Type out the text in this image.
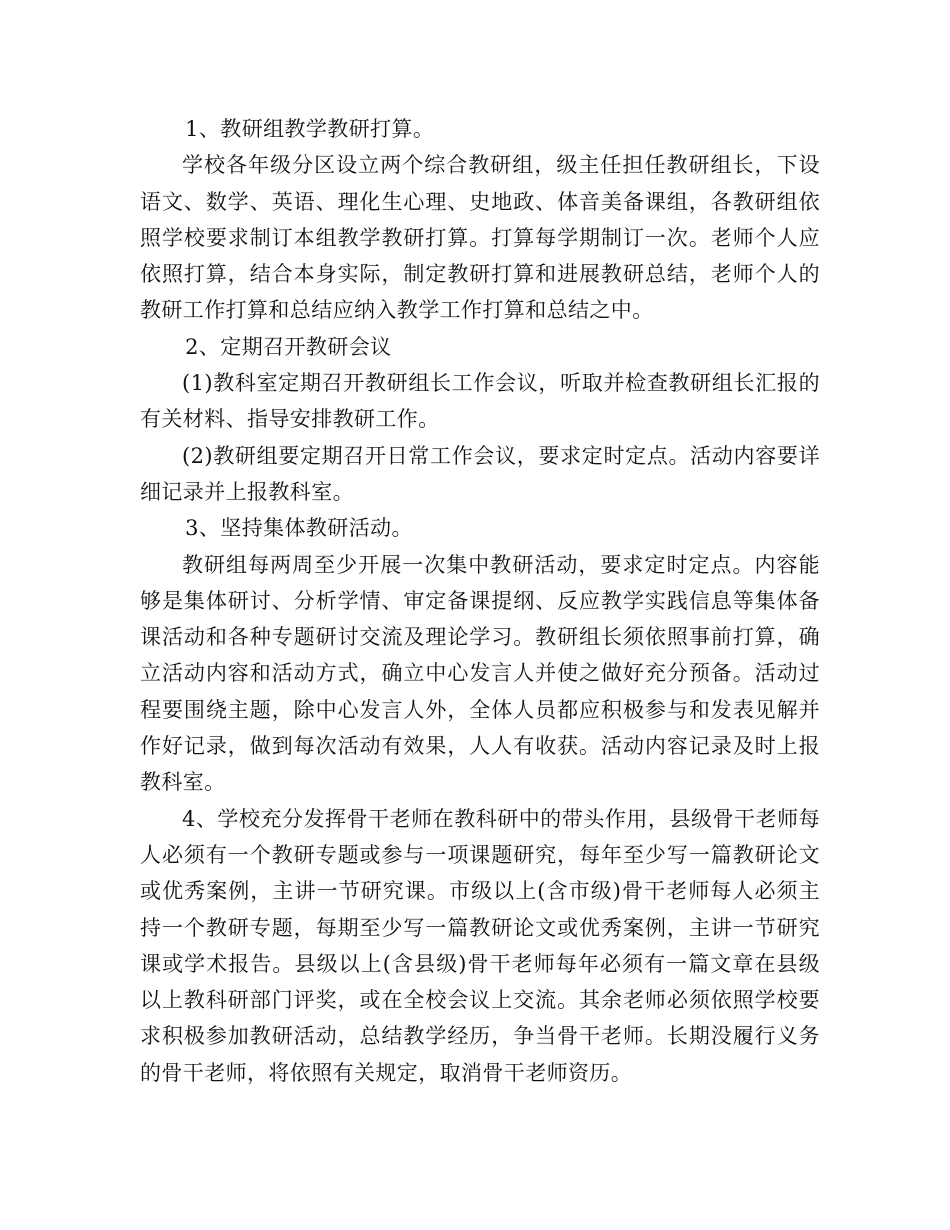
1、教研组教学教研打算。

学校各年级分区设立两个综合教研组，级主任担任教研组长，下设语文、数学、英语、理化生心理、史地政、体音美备课组，各教研组依照学校要求制订本组教学教研打算。打算每学期制订一次。老师个人应依照打算，结合本身实际，制定教研打算和进展教研总结，老师个人的教研工作打算和总结应纳入教学工作打算和总结之中。

2、定期召开教研会议

(1)教科室定期召开教研组长工作会议，听取并检查教研组长汇报的有关材料、指导安排教研工作。

(2)教研组要定期召开日常工作会议，要求定时定点。活动内容要详细记录并上报教科室。

3、坚持集体教研活动。

教研组每两周至少开展一次集中教研活动，要求定时定点。内容能够是集体研讨、分析学情、审定备课提纲、反应教学实践信息等集体备课活动和各种专题研讨交流及理论学习。教研组长须依照事前打算，确立活动内容和活动方式，确立中心发言人并使之做好充分预备。活动过程要围绕主题，除中心发言人外，全体人员都应积极参与和发表见解并作好记录，做到每次活动有效果，人人有收获。活动内容记录及时上报教科室。

4、学校充分发挥骨干老师在教科研中的带头作用，县级骨干老师每人必须有一个教研专题或参与一项课题研究，每年至少写一篇教研论文或优秀案例，主讲一节研究课。市级以上(含市级)骨干老师每人必须主持一个教研专题，每期至少写一篇教研论文或优秀案例，主讲一节研究课或学术报告。县级以上(含县级)骨干老师每年必须有一篇文章在县级以上教科研部门评奖，或在全校会议上交流。其余老师必须依照学校要求积极参加教研活动，总结教学经历，争当骨干老师。长期没履行义务的骨干老师，将依照有关规定，取消骨干老师资历。
